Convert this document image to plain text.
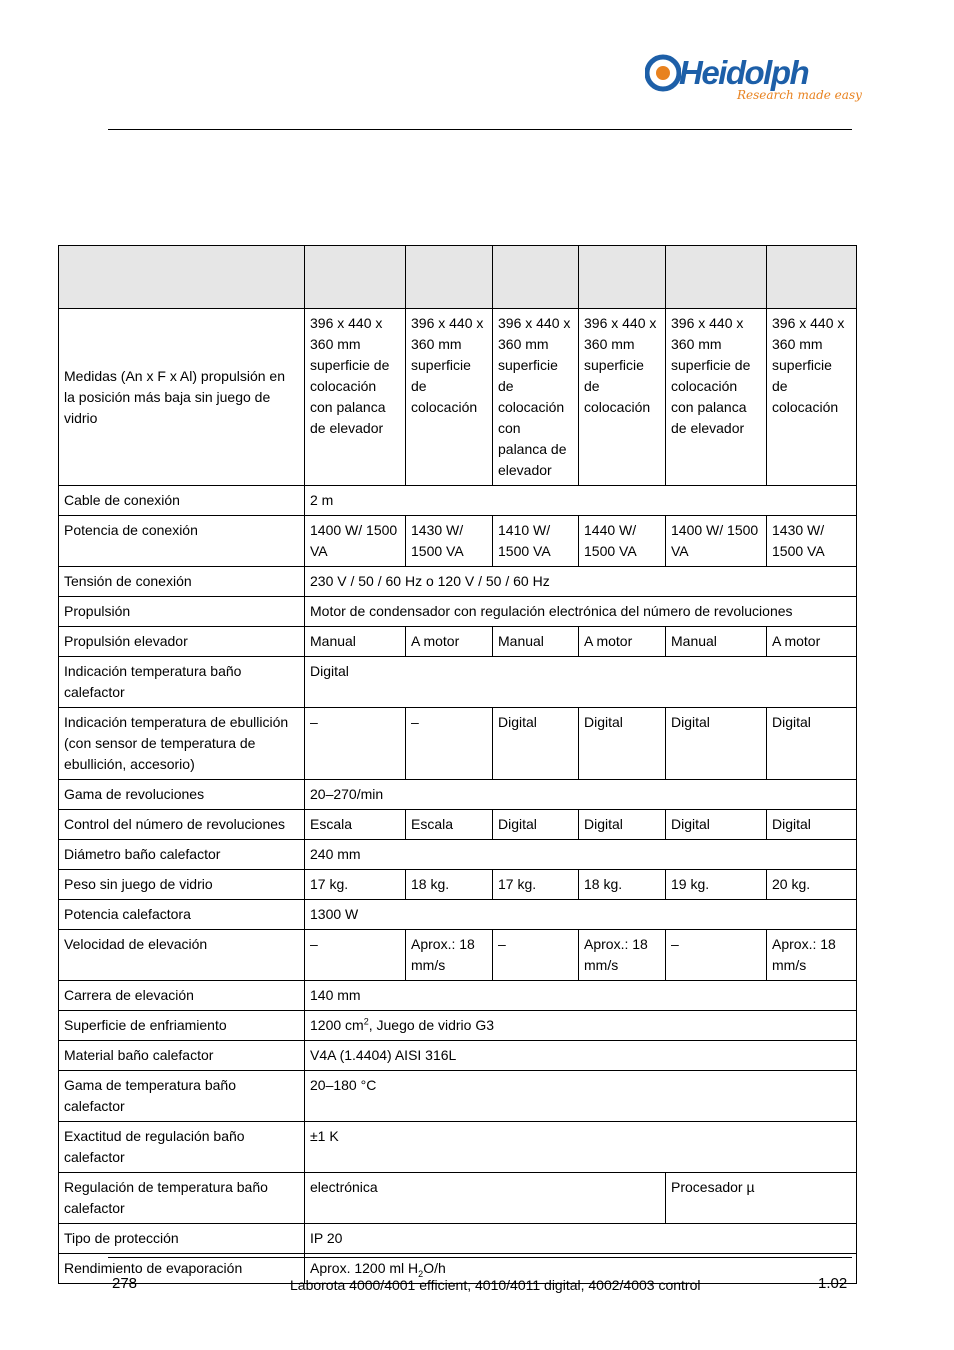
Heidolph
Research made easy

Medidas (An x F x Al) propulsión en la posición más baja sin juego de vidrio	396 x 440 x 360 mm superficie de colocación con palanca de elevador	396 x 440 x 360 mm superficie de colocación	396 x 440 x 360 mm superficie de colocación con palanca de elevador	396 x 440 x 360 mm superficie de colocación	396 x 440 x 360 mm superficie de colocación con palanca de elevador	396 x 440 x 360 mm superficie de colocación
Cable de conexión	2 m					
Potencia de conexión	1400 W/ 1500 VA	1430 W/ 1500 VA	1410 W/ 1500 VA	1440 W/ 1500 VA	1400 W/ 1500 VA	1430 W/ 1500 VA
Tensión de conexión	230 V / 50 / 60 Hz o 120 V / 50 / 60 Hz					
Propulsión	Motor de condensador con regulación electrónica del número de revoluciones					
Propulsión elevador	Manual	A motor	Manual	A motor	Manual	A motor
Indicación temperatura baño calefactor	Digital					
Indicación temperatura de ebullición (con sensor de temperatura de ebullición, accesorio)	–	–	Digital	Digital	Digital	Digital
Gama de revoluciones	20–270/min					
Control del número de revoluciones	Escala	Escala	Digital	Digital	Digital	Digital
Diámetro baño calefactor	240 mm					
Peso sin juego de vidrio	17 kg.	18 kg.	17 kg.	18 kg.	19 kg.	20 kg.
Potencia calefactora	1300 W					
Velocidad de elevación	–	Aprox.: 18 mm/s	–	Aprox.: 18 mm/s	–	Aprox.: 18 mm/s
Carrera de elevación	140 mm					
Superficie de enfriamiento	1200 $cm^2$, Juego de vidrio G3					
Material baño calefactor	V4A (1.4404) AISI 316L					
Gama de temperatura baño calefactor	20–180 °C					
Exactitud de regulación baño calefactor	±1 K					
Regulación de temperatura baño calefactor	electrónica				Procesador µ	
Tipo de protección	IP 20					
Rendimiento de evaporación	Aprox. 1200 ml $H_2O/h$					
278	Laborota 4000/4001 efficient, 4010/4011 digital, 4002/4003 control	1.02
